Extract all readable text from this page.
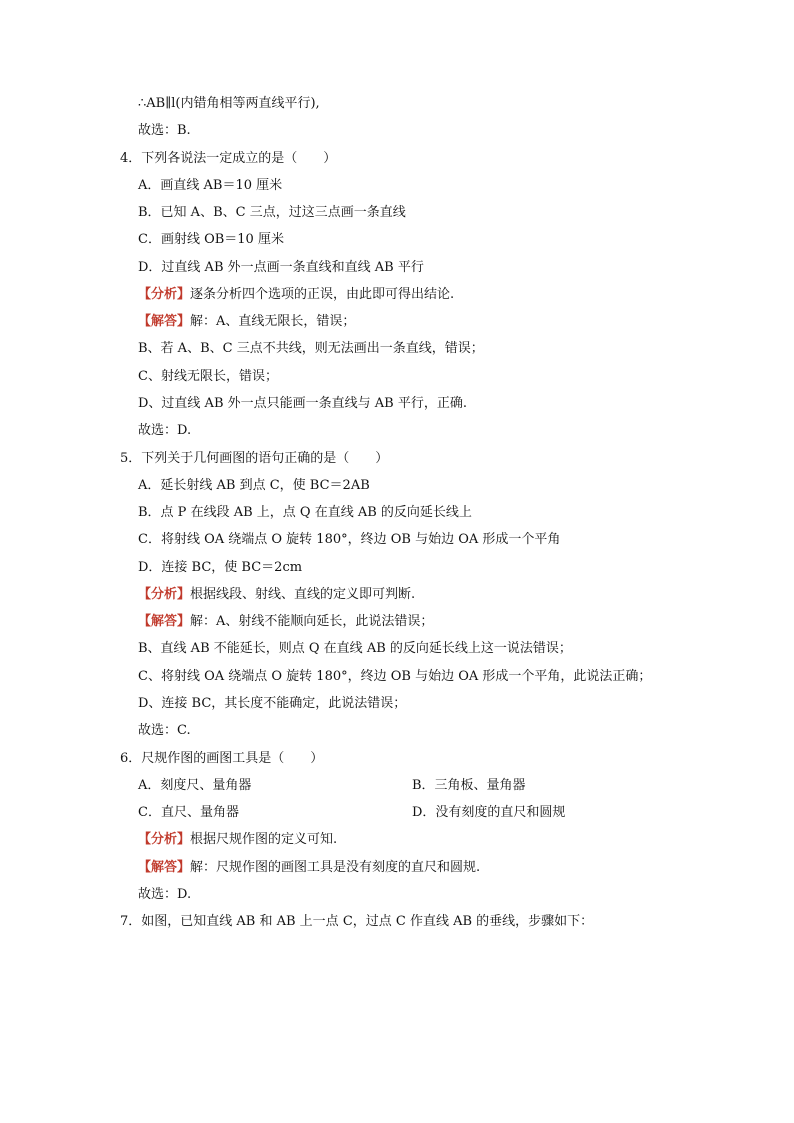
∴AB∥l(内错角相等两直线平行),
故选：B.
4．下列各说法一定成立的是（　　）
A．画直线 AB＝10 厘米
B．已知 A、B、C 三点，过这三点画一条直线
C．画射线 OB＝10 厘米
D．过直线 AB 外一点画一条直线和直线 AB 平行
【分析】逐条分析四个选项的正误，由此即可得出结论.
【解答】解：A、直线无限长，错误；
B、若 A、B、C 三点不共线，则无法画出一条直线，错误；
C、射线无限长，错误；
D、过直线 AB 外一点只能画一条直线与 AB 平行，正确.
故选：D.
5．下列关于几何画图的语句正确的是（　　）
A．延长射线 AB 到点 C，使 BC＝2AB
B．点 P 在线段 AB 上，点 Q 在直线 AB 的反向延长线上
C．将射线 OA 绕端点 O 旋转 180°，终边 OB 与始边 OA 形成一个平角
D．连接 BC，使 BC＝2cm
【分析】根据线段、射线、直线的定义即可判断.
【解答】解：A、射线不能顺向延长，此说法错误；
B、直线 AB 不能延长，则点 Q 在直线 AB 的反向延长线上这一说法错误；
C、将射线 OA 绕端点 O 旋转 180°，终边 OB 与始边 OA 形成一个平角，此说法正确；
D、连接 BC，其长度不能确定，此说法错误；
故选：C.
6．尺规作图的画图工具是（　　）
A．刻度尺、量角器	B．三角板、量角器
C．直尺、量角器	D．没有刻度的直尺和圆规
【分析】根据尺规作图的定义可知.
【解答】解：尺规作图的画图工具是没有刻度的直尺和圆规.
故选：D.
7．如图，已知直线 AB 和 AB 上一点 C，过点 C 作直线 AB 的垂线，步骤如下：
